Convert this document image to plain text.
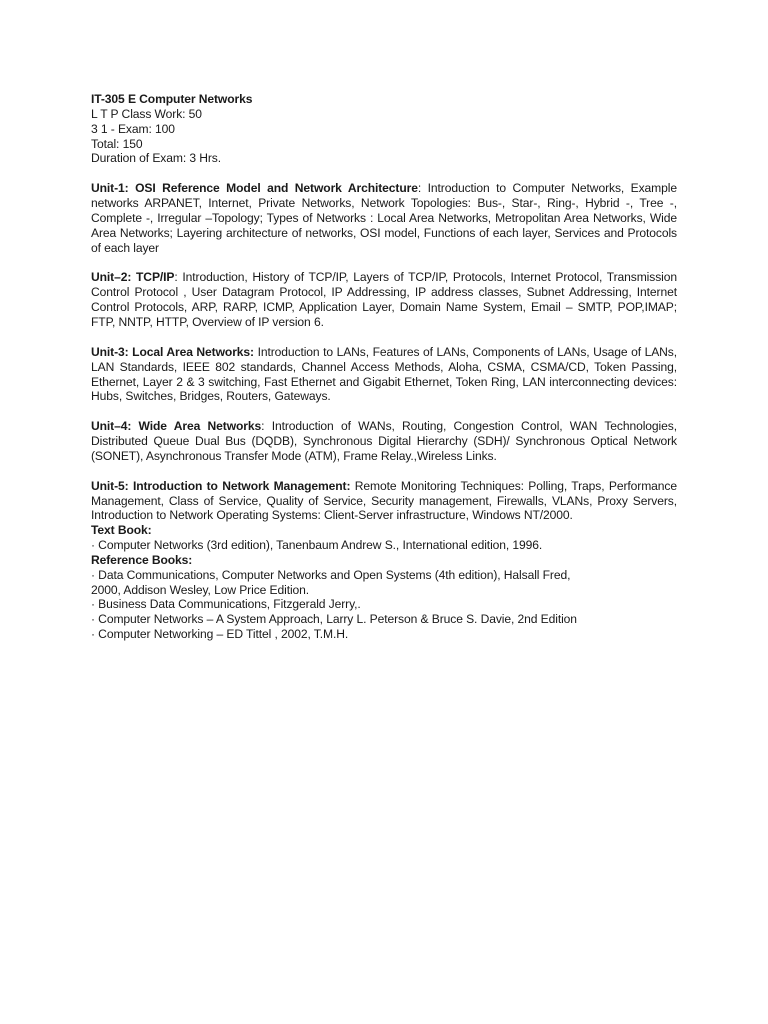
IT-305 E Computer Networks
L T P Class Work: 50
3 1 - Exam: 100
Total: 150
Duration of Exam: 3 Hrs.
Unit-1: OSI Reference Model and Network Architecture: Introduction to Computer Networks, Example networks ARPANET, Internet, Private Networks, Network Topologies: Bus-, Star-, Ring-, Hybrid -, Tree -, Complete -, Irregular –Topology; Types of Networks : Local Area Networks, Metropolitan Area Networks, Wide Area Networks; Layering architecture of networks, OSI model, Functions of each layer, Services and Protocols of each layer
Unit–2: TCP/IP: Introduction, History of TCP/IP, Layers of TCP/IP, Protocols, Internet Protocol, Transmission Control Protocol , User Datagram Protocol, IP Addressing, IP address classes, Subnet Addressing, Internet Control Protocols, ARP, RARP, ICMP, Application Layer, Domain Name System, Email – SMTP, POP,IMAP; FTP, NNTP, HTTP, Overview of IP version 6.
Unit-3: Local Area Networks: Introduction to LANs, Features of LANs, Components of LANs, Usage of LANs, LAN Standards, IEEE 802 standards, Channel Access Methods, Aloha, CSMA, CSMA/CD, Token Passing, Ethernet, Layer 2 & 3 switching, Fast Ethernet and Gigabit Ethernet, Token Ring, LAN interconnecting devices: Hubs, Switches, Bridges, Routers, Gateways.
Unit–4: Wide Area Networks: Introduction of WANs, Routing, Congestion Control, WAN Technologies, Distributed Queue Dual Bus (DQDB), Synchronous Digital Hierarchy (SDH)/ Synchronous Optical Network (SONET), Asynchronous Transfer Mode (ATM), Frame Relay.,Wireless Links.
Unit-5: Introduction to Network Management: Remote Monitoring Techniques: Polling, Traps, Performance Management, Class of Service, Quality of Service, Security management, Firewalls, VLANs, Proxy Servers, Introduction to Network Operating Systems: Client-Server infrastructure, Windows NT/2000.
Text Book:
· Computer Networks (3rd edition), Tanenbaum Andrew S., International edition, 1996.
Reference Books:
· Data Communications, Computer Networks and Open Systems (4th edition), Halsall Fred,
2000, Addison Wesley, Low Price Edition.
· Business Data Communications, Fitzgerald Jerry,.
· Computer Networks – A System Approach, Larry L. Peterson & Bruce S. Davie, 2nd Edition
· Computer Networking – ED Tittel , 2002, T.M.H.
